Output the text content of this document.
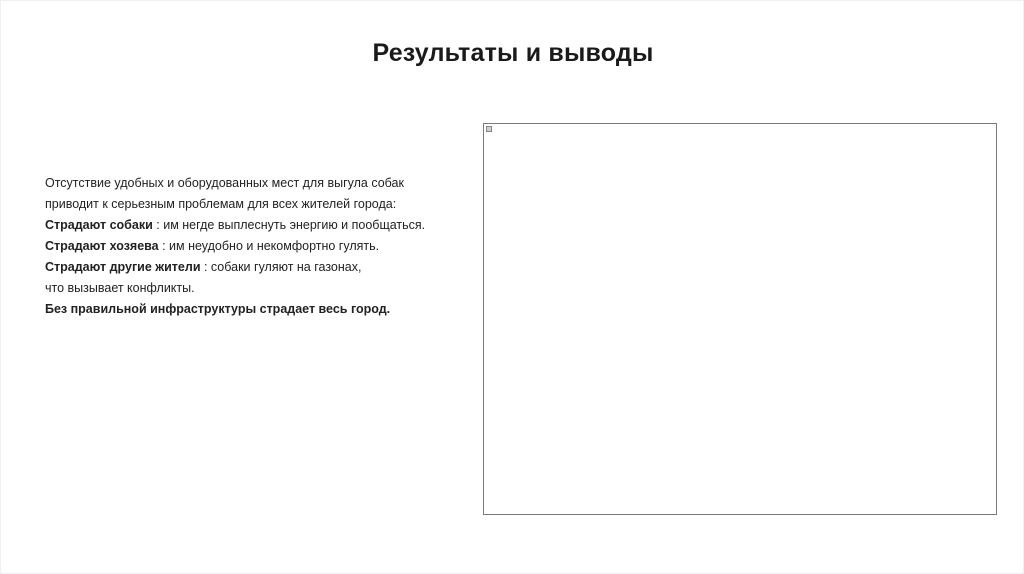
Результаты и выводы
Отсутствие удобных и оборудованных мест для выгула собак
приводит к серьезным проблемам для всех жителей города:
Страдают собаки : им негде выплеснуть энергию и пообщаться.
Страдают хозяева : им неудобно и некомфортно гулять.
Страдают другие жители : собаки гуляют на газонах,
что вызывает конфликты.
Без правильной инфраструктуры страдает весь город.
